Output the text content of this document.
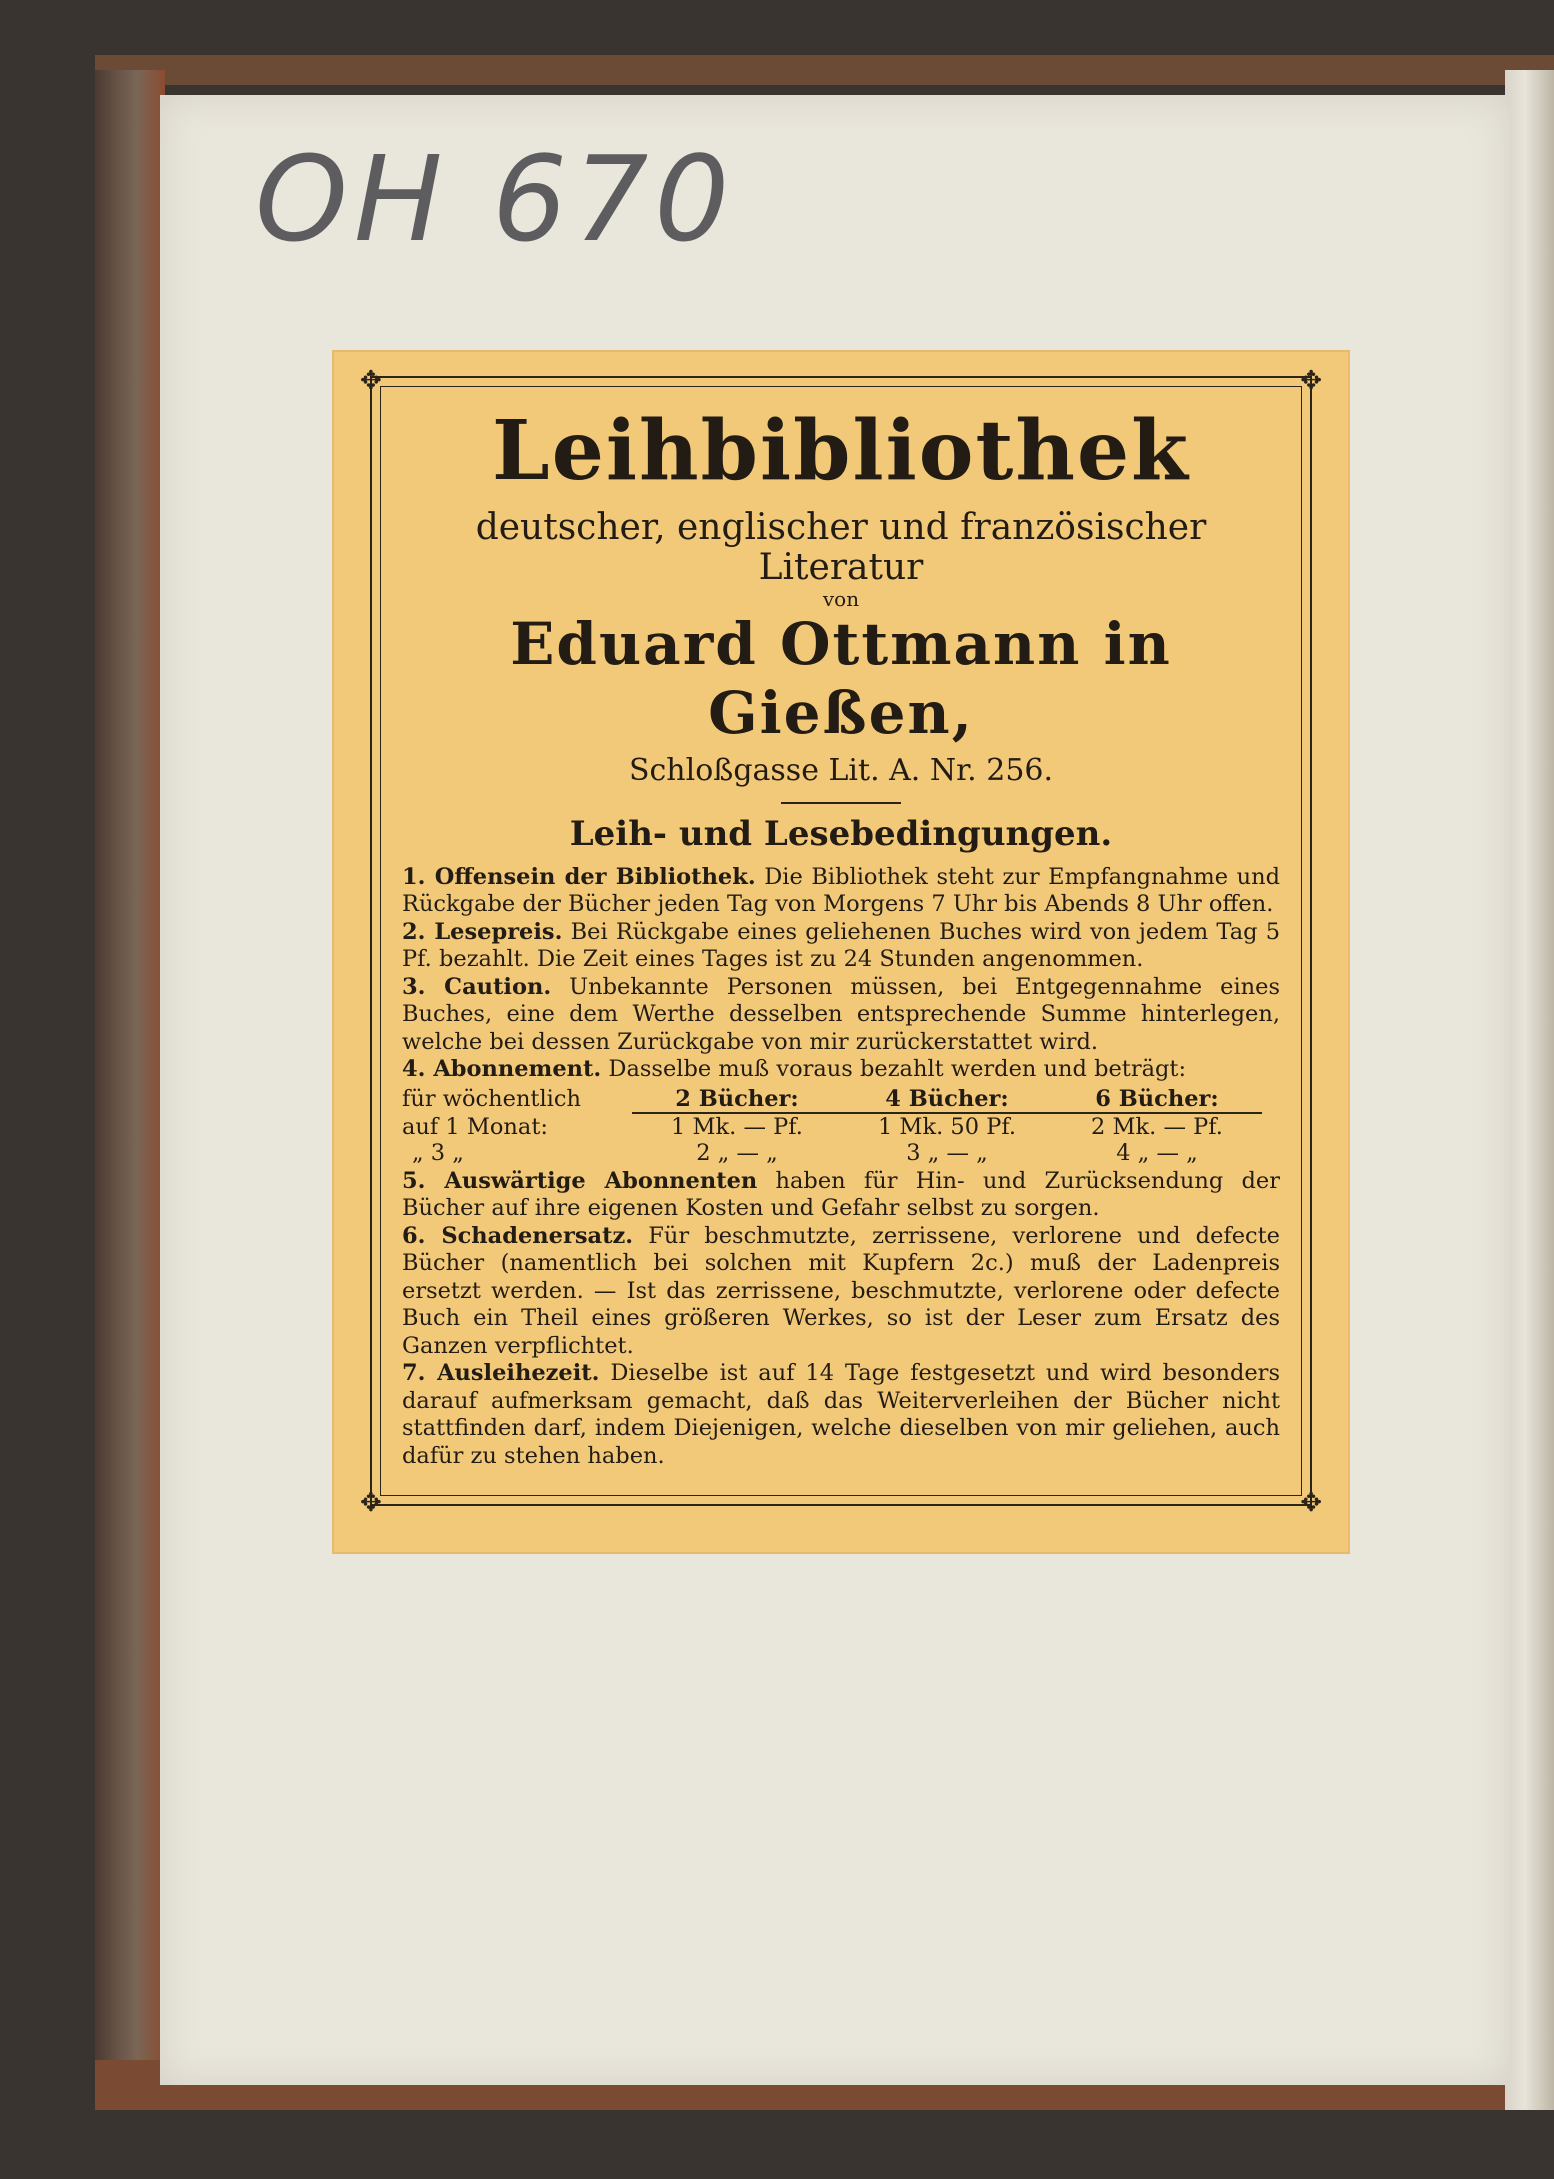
OH 670
✥	✥
✥	✥
Leihbibliothek
deutscher, englischer und französischer Literatur
von
Eduard Ottmann in Gießen,
Schloßgasse Lit. A. Nr. 256.
Leih- und Lesebedingungen.
1. Offensein der Bibliothek. Die Bibliothek steht zur Empfangnahme und Rückgabe der Bücher jeden Tag von Morgens 7 Uhr bis Abends 8 Uhr offen.
2. Lesepreis. Bei Rückgabe eines geliehenen Buches wird von jedem Tag 5 Pf. bezahlt. Die Zeit eines Tages ist zu 24 Stunden angenommen.
3. Caution. Unbekannte Personen müssen, bei Entgegennahme eines Buches, eine dem Werthe desselben entsprechende Summe hinterlegen, welche bei dessen Zurückgabe von mir zurückerstattet wird.
4. Abonnement. Dasselbe muß voraus bezahlt werden und beträgt:
für wöchentlich	2 Bücher:	4 Bücher:	6 Bücher:
auf 1 Monat:	1 Mk. — Pf.	1 Mk. 50 Pf.	2 Mk. — Pf.
„ 3 „	2 „ — „	3 „ — „	4 „ — „
5. Auswärtige Abonnenten haben für Hin- und Zurücksendung der Bücher auf ihre eigenen Kosten und Gefahr selbst zu sorgen.
6. Schadenersatz. Für beschmutzte, zerrissene, verlorene und defecte Bücher (namentlich bei solchen mit Kupfern 2c.) muß der Ladenpreis ersetzt werden. — Ist das zerrissene, beschmutzte, verlorene oder defecte Buch ein Theil eines größeren Werkes, so ist der Leser zum Ersatz des Ganzen verpflichtet.
7. Ausleihezeit. Dieselbe ist auf 14 Tage festgesetzt und wird besonders darauf aufmerksam gemacht, daß das Weiterverleihen der Bücher nicht stattfinden darf, indem Diejenigen, welche dieselben von mir geliehen, auch dafür zu stehen haben.
